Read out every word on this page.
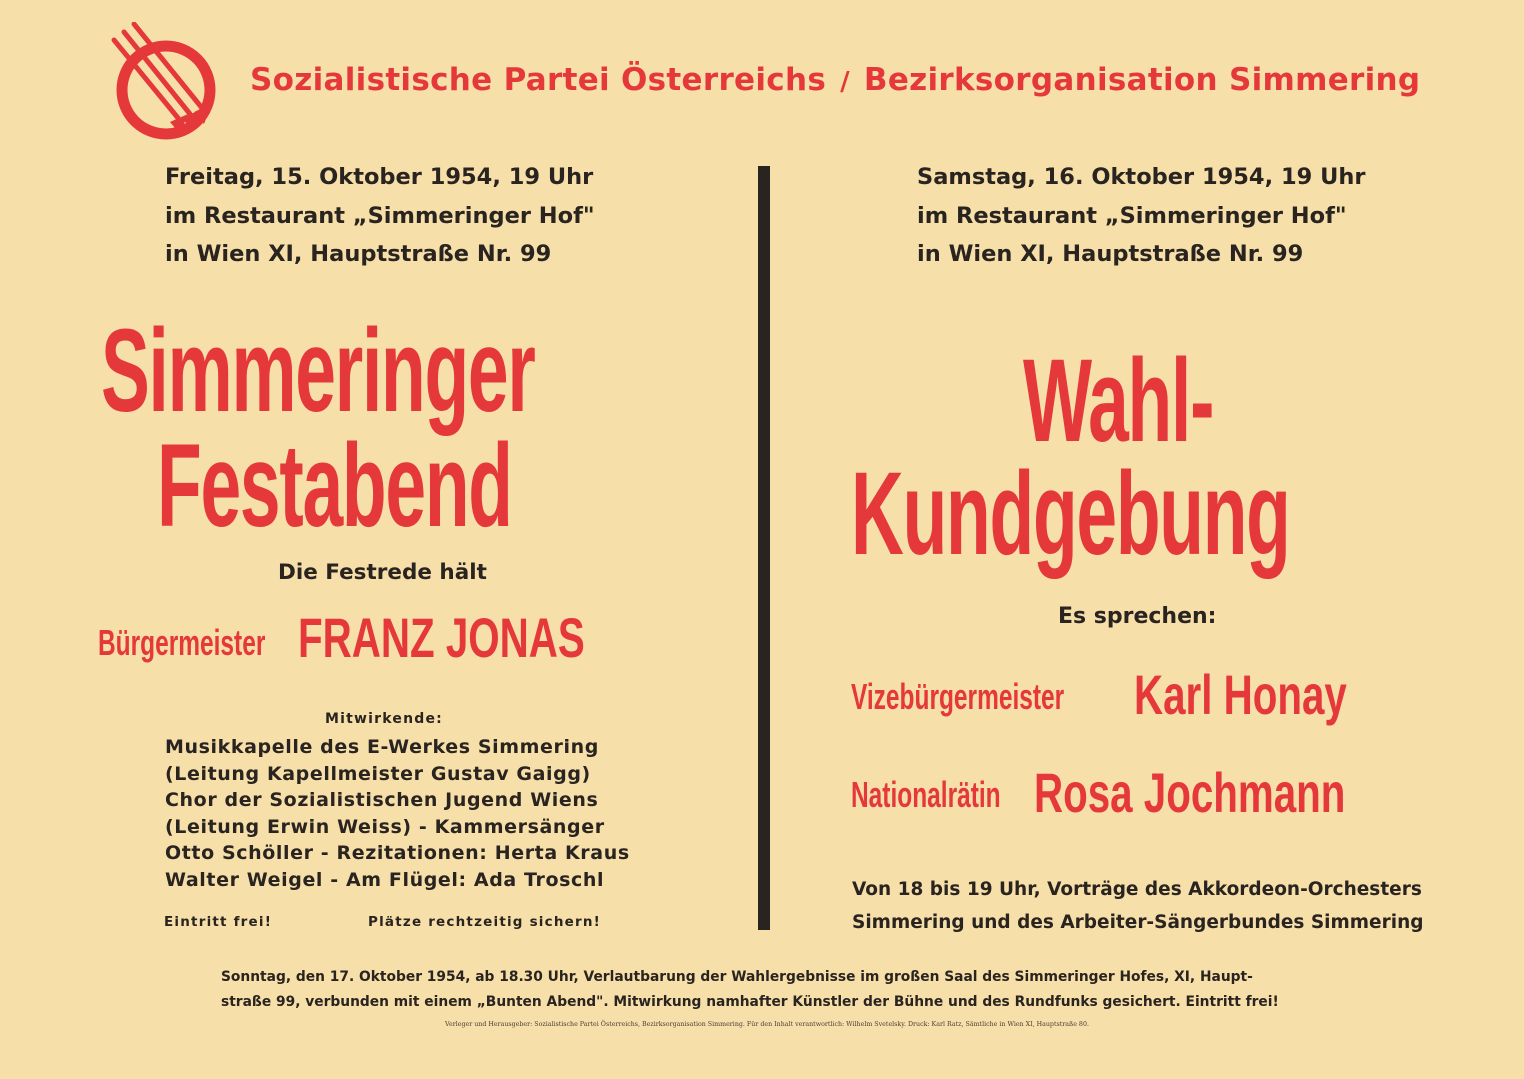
Sozialistische Partei Österreichs / Bezirksorganisation Simmering
Freitag, 15. Oktober 1954, 19 Uhr
im Restaurant „Simmeringer Hof"
in Wien XI, Hauptstraße Nr. 99
Simmeringer
Festabend
Die Festrede hält
Bürgermeister FRANZ JONAS
Mitwirkende:
Musikkapelle des E-Werkes Simmering
(Leitung Kapellmeister Gustav Gaigg)
Chor der Sozialistischen Jugend Wiens
(Leitung Erwin Weiss) - Kammersänger
Otto Schöller - Rezitationen: Herta Kraus
Walter Weigel - Am Flügel: Ada Troschl
Eintritt frei!	Plätze rechtzeitig sichern!
Samstag, 16. Oktober 1954, 19 Uhr
im Restaurant „Simmeringer Hof"
in Wien XI, Hauptstraße Nr. 99
Wahl-
Kundgebung
Es sprechen:
Vizebürgermeister Karl Honay
Nationalrätin Rosa Jochmann
Von 18 bis 19 Uhr, Vorträge des Akkordeon-Orchesters
Simmering und des Arbeiter-Sängerbundes Simmering
Sonntag, den 17. Oktober 1954, ab 18.30 Uhr, Verlautbarung der Wahlergebnisse im großen Saal des Simmeringer Hofes, XI, Haupt-
straße 99, verbunden mit einem „Bunten Abend". Mitwirkung namhafter Künstler der Bühne und des Rundfunks gesichert. Eintritt frei!
Verleger und Herausgeber: Sozialistische Partei Österreichs, Bezirksorganisation Simmering. Für den Inhalt verantwortlich: Wilhelm Svetelsky. Druck: Karl Ratz, Sämtliche in Wien XI, Hauptstraße 80.
